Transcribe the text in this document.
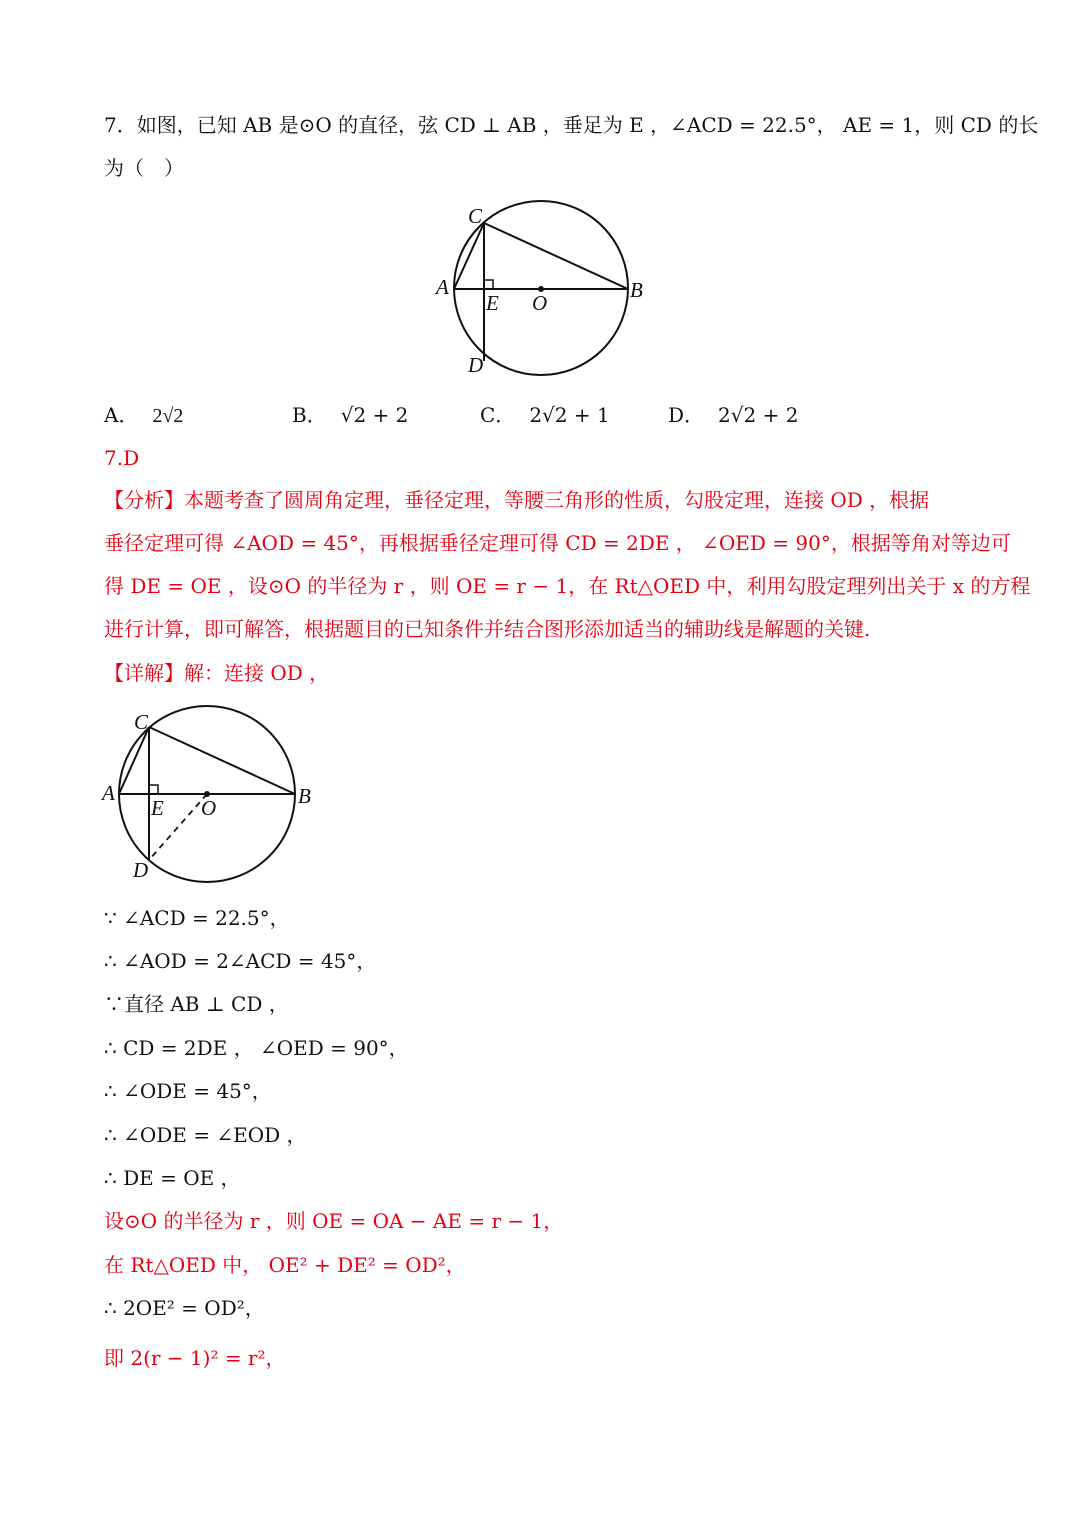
7．如图，已知 AB 是⊙O 的直径，弦 CD ⊥ AB ，垂足为 E ，∠ACD = 22.5°， AE = 1，则 CD 的长
为（　）
C
A
E O
B
D
A． 2√2	B． √2 + 2	C． 2√2 + 1	D． 2√2 + 2
7.D
【分析】本题考查了圆周角定理，垂径定理，等腰三角形的性质，勾股定理，连接 OD ，根据
垂径定理可得 ∠AOD = 45°，再根据垂径定理可得 CD = 2DE ， ∠OED = 90°，根据等角对等边可
得 DE = OE ，设⊙O 的半径为 r ，则 OE = r − 1，在 Rt△OED 中，利用勾股定理列出关于 x 的方程
进行计算，即可解答，根据题目的已知条件并结合图形添加适当的辅助线是解题的关键.
【详解】解：连接 OD ，
C
A
E O	B
D
∵ ∠ACD = 22.5°，
∴ ∠AOD = 2∠ACD = 45°，
∵直径 AB ⊥ CD ，
∴ CD = 2DE ， ∠OED = 90°，
∴ ∠ODE = 45°，
∴ ∠ODE = ∠EOD ，
∴ DE = OE ，
设⊙O 的半径为 r ，则 OE = OA − AE = r − 1，
在 Rt△OED 中， OE² + DE² = OD²，
∴ 2OE² = OD²，
即 2(r − 1)² = r²，
